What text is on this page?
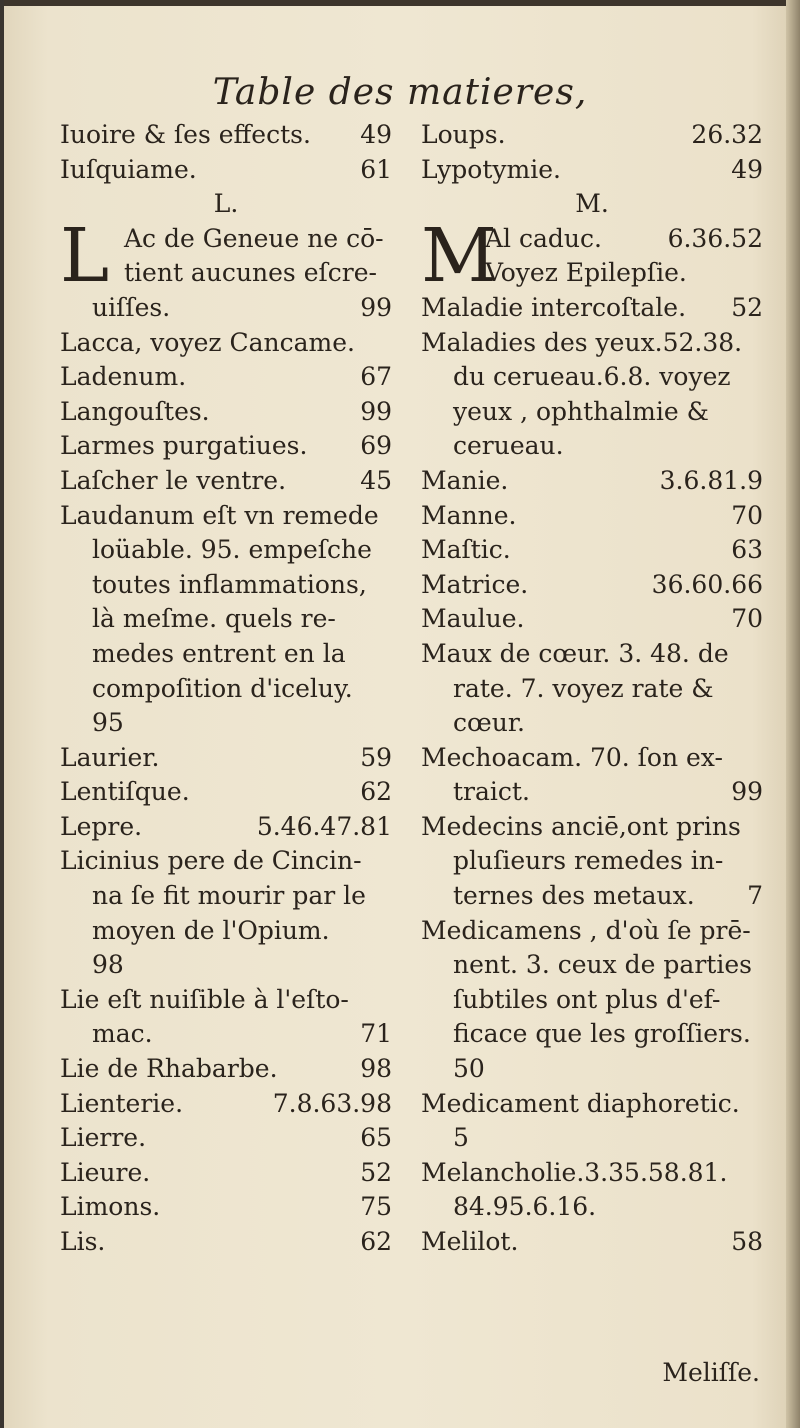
Table des matieres,
Iuoire & ſes effects. 49
Iuſquiame.	61
L.
L Ac de Geneue ne cō-
tient aucunes eſcre-
uiſſes.	99
Lacca, voyez Cancame.
Ladenum.	67
Langouſtes.	99
Larmes purgatiues. 69
Laſcher le ventre.	45
Laudanum eſt vn remede
loüable. 95. empeſche
toutes inflammations,
là meſme. quels re-
medes entrent en la
compoſition d'iceluy.
95
Laurier.	59
Lentiſque.	62
Lepre.	5.46.47.81
Licinius pere de Cincin-
na ſe fit mourir par le
moyen de l'Opium.
98
Lie eſt nuiſible à l'eſto-
mac.	71
Lie de Rhabarbe.	98
Lienterie.	7.8.63.98
Lierre.	65
Lieure.	52
Limons.	75
Lis.	62
Loups.	26.32
Lypotymie.	49
M.
M
Al caduc.	6.36.52
Voyez Epilepſie.
Maladie intercoſtale. 52
Maladies des yeux.52.38.
du cerueau.6.8. voyez
yeux , ophthalmie &
cerueau.
Manie.	3.6.81.9
Manne.	70
Maſtic.	63
Matrice.	36.60.66
Maulue.	70
Maux de cœur. 3. 48. de
rate. 7. voyez rate &
cœur.
Mechoacam. 70. ſon ex-
traict.	99
Medecins anciē,ont prins
pluſieurs remedes in-
ternes des metaux. 7
Medicamens , d'où ſe prē-
nent. 3. ceux de parties
ſubtiles ont plus d'ef-
ficace que les groſſiers.
50
Medicament diaphoretic.
5
Melancholie.3.35.58.81.
84.95.6.16.
Melilot.	58
Meliſſe.
